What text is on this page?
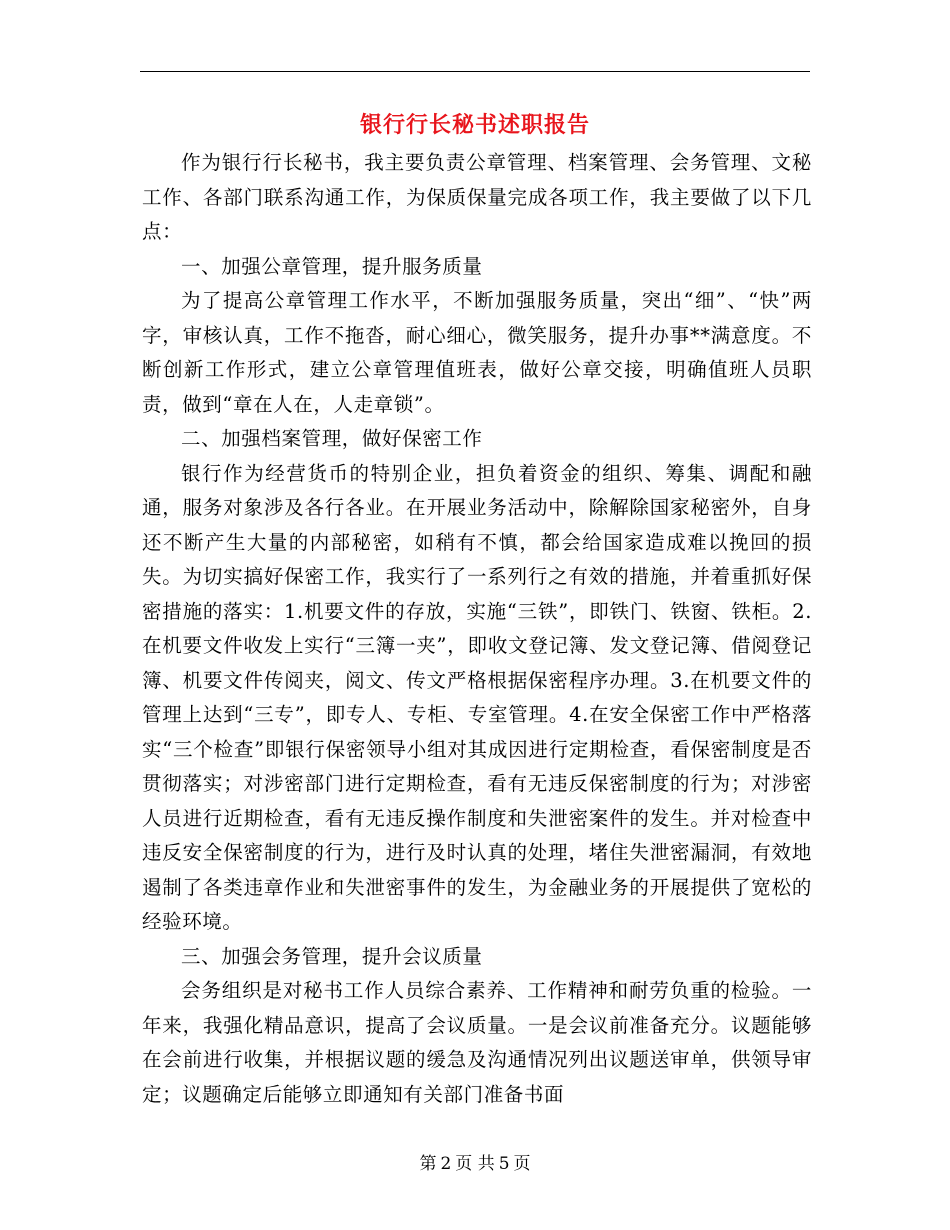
银行行长秘书述职报告

作为银行行长秘书，我主要负责公章管理、档案管理、会务管理、文秘工作、各部门联系沟通工作，为保质保量完成各项工作，我主要做了以下几点：

一、加强公章管理，提升服务质量

为了提高公章管理工作水平，不断加强服务质量，突出“细”、“快”两字，审核认真，工作不拖沓，耐心细心，微笑服务，提升办事**满意度。不断创新工作形式，建立公章管理值班表，做好公章交接，明确值班人员职责，做到“章在人在，人走章锁”。

二、加强档案管理，做好保密工作

银行作为经营货币的特别企业，担负着资金的组织、筹集、调配和融通，服务对象涉及各行各业。在开展业务活动中，除解除国家秘密外，自身还不断产生大量的内部秘密，如稍有不慎，都会给国家造成难以挽回的损失。为切实搞好保密工作，我实行了一系列行之有效的措施，并着重抓好保密措施的落实：1.机要文件的存放，实施“三铁”，即铁门、铁窗、铁柜。2.在机要文件收发上实行“三簿一夹”，即收文登记簿、发文登记簿、借阅登记簿、机要文件传阅夹，阅文、传文严格根据保密程序办理。3.在机要文件的管理上达到“三专”，即专人、专柜、专室管理。4.在安全保密工作中严格落实“三个检查”即银行保密领导小组对其成因进行定期检查，看保密制度是否贯彻落实；对涉密部门进行定期检查，看有无违反保密制度的行为；对涉密人员进行近期检查，看有无违反操作制度和失泄密案件的发生。并对检查中违反安全保密制度的行为，进行及时认真的处理，堵住失泄密漏洞，有效地遏制了各类违章作业和失泄密事件的发生，为金融业务的开展提供了宽松的经验环境。

三、加强会务管理，提升会议质量

会务组织是对秘书工作人员综合素养、工作精神和耐劳负重的检验。一年来，我强化精品意识，提高了会议质量。一是会议前准备充分。议题能够在会前进行收集，并根据议题的缓急及沟通情况列出议题送审单，供领导审定；议题确定后能够立即通知有关部门准备书面

第 2 页 共 5 页
